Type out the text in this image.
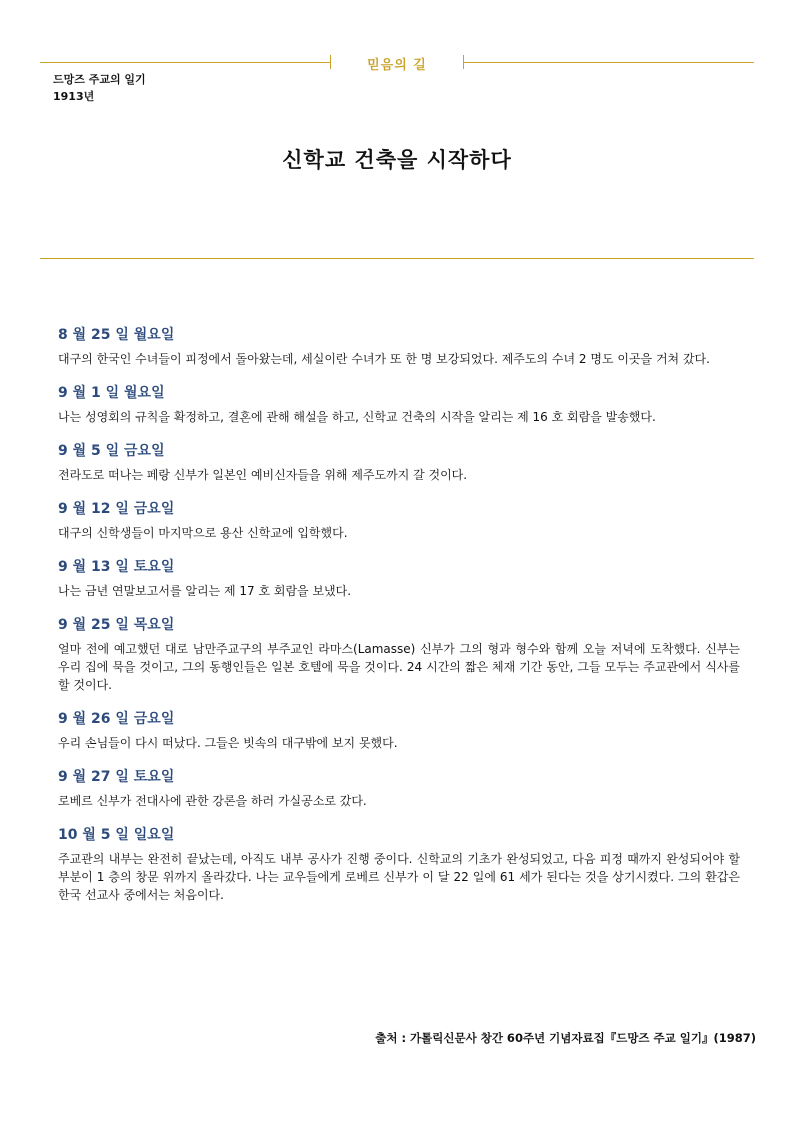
믿음의 길
드망즈 주교의 일기
1913년
신학교 건축을 시작하다
8 월 25 일 월요일

대구의 한국인 수녀들이 피정에서 돌아왔는데, 세실이란 수녀가 또 한 명 보강되었다. 제주도의 수녀 2 명도 이곳을 거쳐 갔다.

9 월 1 일 월요일

나는 성영회의 규칙을 확정하고, 결혼에 관해 해설을 하고, 신학교 건축의 시작을 알리는 제 16 호 회람을 발송했다.

9 월 5 일 금요일

전라도로 떠나는 페랑 신부가 일본인 예비신자들을 위해 제주도까지 갈 것이다.

9 월 12 일 금요일

대구의 신학생들이 마지막으로 용산 신학교에 입학했다.

9 월 13 일 토요일

나는 금년 연말보고서를 알리는 제 17 호 회람을 보냈다.

9 월 25 일 목요일

얼마 전에 예고했던 대로 남만주교구의 부주교인 라마스(Lamasse) 신부가 그의 형과 형수와 함께 오늘 저녁에 도착했다. 신부는 우리 집에 묵을 것이고, 그의 동행인들은 일본 호텔에 묵을 것이다. 24 시간의 짧은 체재 기간 동안, 그들 모두는 주교관에서 식사를 할 것이다.

9 월 26 일 금요일

우리 손님들이 다시 떠났다. 그들은 빗속의 대구밖에 보지 못했다.

9 월 27 일 토요일

로베르 신부가 전대사에 관한 강론을 하러 가실공소로 갔다.

10 월 5 일 일요일

주교관의 내부는 완전히 끝났는데, 아직도 내부 공사가 진행 중이다. 신학교의 기초가 완성되었고, 다음 피정 때까지 완성되어야 할 부분이 1 층의 창문 위까지 올라갔다. 나는 교우들에게 로베르 신부가 이 달 22 일에 61 세가 된다는 것을 상기시켰다. 그의 환갑은 한국 선교사 중에서는 처음이다.

출처 : 가톨릭신문사 창간 60주년 기념자료집『드망즈 주교 일기』(1987)
